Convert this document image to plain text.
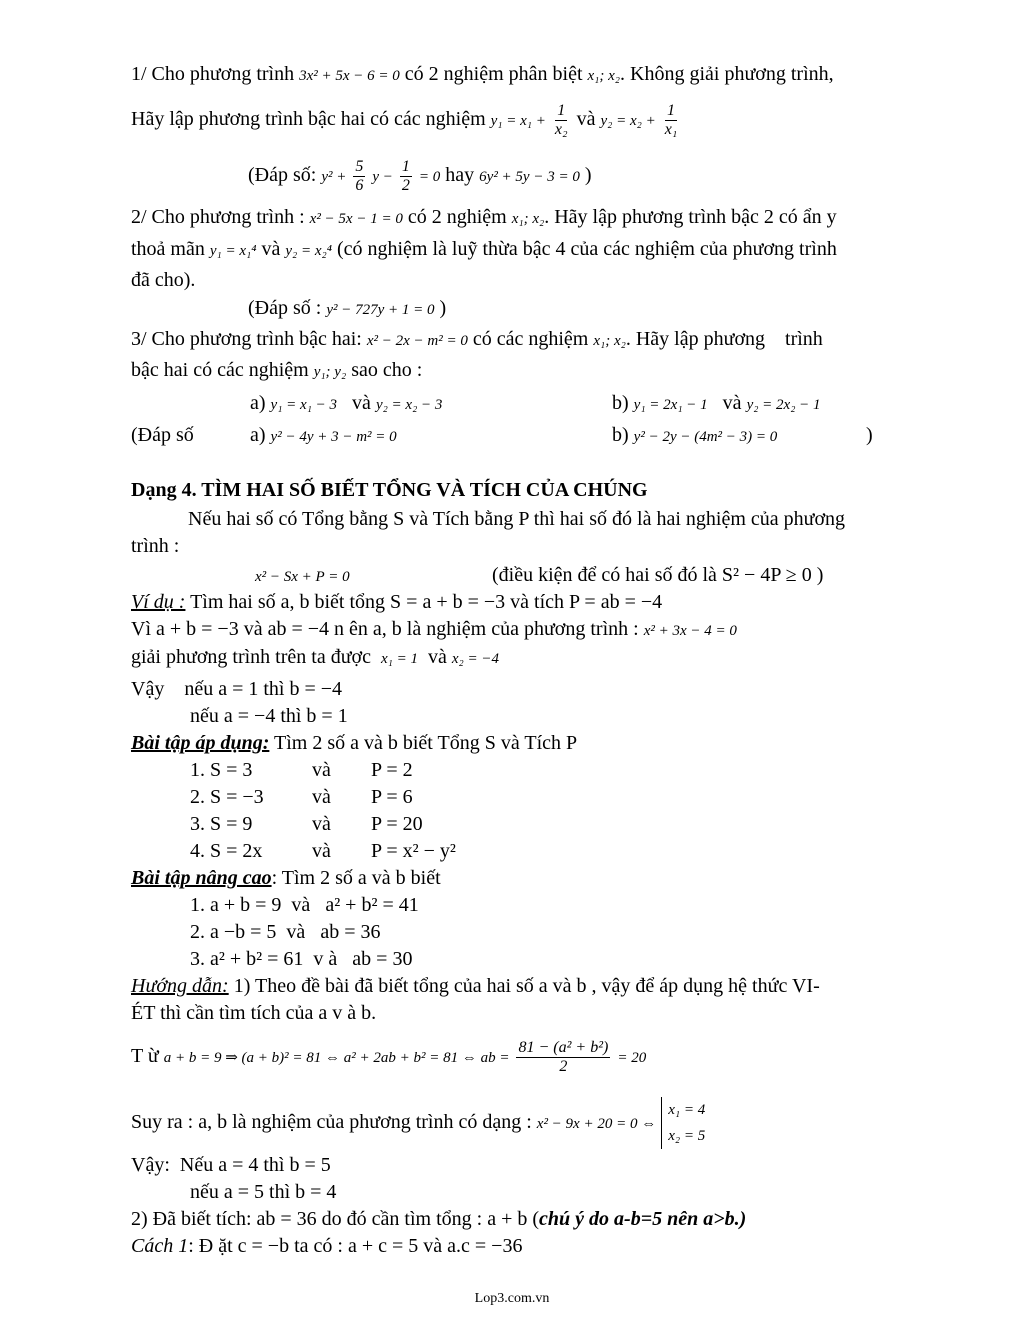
1/ Cho phương trình 3x² + 5x − 6 = 0 có 2 nghiệm phân biệt x₁; x₂. Không giải phương trình,
Hãy lập phương trình bậc hai có các nghiệm $y_1 = x_1 + \frac{1}{\text{x₂}}$ và $y_2 = x_2 + \frac{1}{\text{x₁}}$
(Đáp số: $y^2 + \frac{5}{6}$ $y - \frac{1}{2} = 0$ hay 6y² + 5y − 3 = 0 )
2/ Cho phương trình : x² − 5x − 1 = 0 có 2 nghiệm x₁; x₂. Hãy lập phương trình bậc 2 có ẩn y
thoả mãn y₁ = x₁⁴ và y₂ = x₂⁴ (có nghiệm là luỹ thừa bậc 4 của các nghiệm của phương trình
đã cho).
(Đáp số : y² − 727y + 1 = 0 )
3/ Cho phương trình bậc hai: x² − 2x − m² = 0 có các nghiệm x₁; x₂. Hãy lập phương    trình
bậc hai có các nghiệm y₁; y₂ sao cho :
a) y₁ = x₁ − 3 và y₂ = x₂ − 3	b) y₁ = 2x₁ − 1 và y₂ = 2x₂ − 1
(Đáp số	a) y² − 4y + 3 − m² = 0	b) y² − 2y − (4m² − 3) = 0	)
Dạng 4. TÌM HAI SỐ BIẾT TỔNG VÀ TÍCH CỦA CHÚNG
Nếu hai số có Tổng bằng S và Tích bằng P thì hai số đó là hai nghiệm của phương
trình :
x² − Sx + P = 0	(điều kiện để có hai số đó là S² − 4P ≥ 0 )
Ví dụ : Tìm hai số a, b biết tổng S = a + b = −3 và tích P = ab = −4
Vì a + b = −3 và ab = −4 n ên a, b là nghiệm của phương trình : x² + 3x − 4 = 0
giải phương trình trên ta được x₁ = 1 và x₂ = −4
Vậy    nếu a = 1 thì b = −4
nếu a = −4 thì b = 1
Bài tập áp dụng: Tìm 2 số a và b biết Tổng S và Tích P
1. S = 3	và P = 2
2. S = −3 và P = 6
3. S = 9	và P = 20
4. S = 2x và P = x² − y²
Bài tập nâng cao: Tìm 2 số a và b biết
1. a + b = 9  và   a² + b² = 41
2. a −b = 5  và   ab = 36
3. a² + b² = 61  v à   ab = 30
Hướng dẫn: 1) Theo đề bài đã biết tổng của hai số a và b , vậy để áp dụng hệ thức VI-
ÉT thì cần tìm tích của a v à b.
T ừ a + b = 9 ⇒ (a + b)² = 81 ⇔ a² + 2ab + b² = 81 ⇔ ab = $\frac{\text{81 − (a² + b²)}}{2} = 20$
Suy ra : a, b là nghiệm của phương trình có dạng : x² − 9x + 20 = 0 ⇔ x₁ = 4
x₂ = 5
Vậy:  Nếu a = 4 thì b = 5
nếu a = 5 thì b = 4
2) Đã biết tích: ab = 36 do đó cần tìm tổng : a + b (chú ý do a-b=5 nên a>b.)
Cách 1: Đ ặt c = −b ta có : a + c = 5 và a.c = −36
Lop3.com.vn
